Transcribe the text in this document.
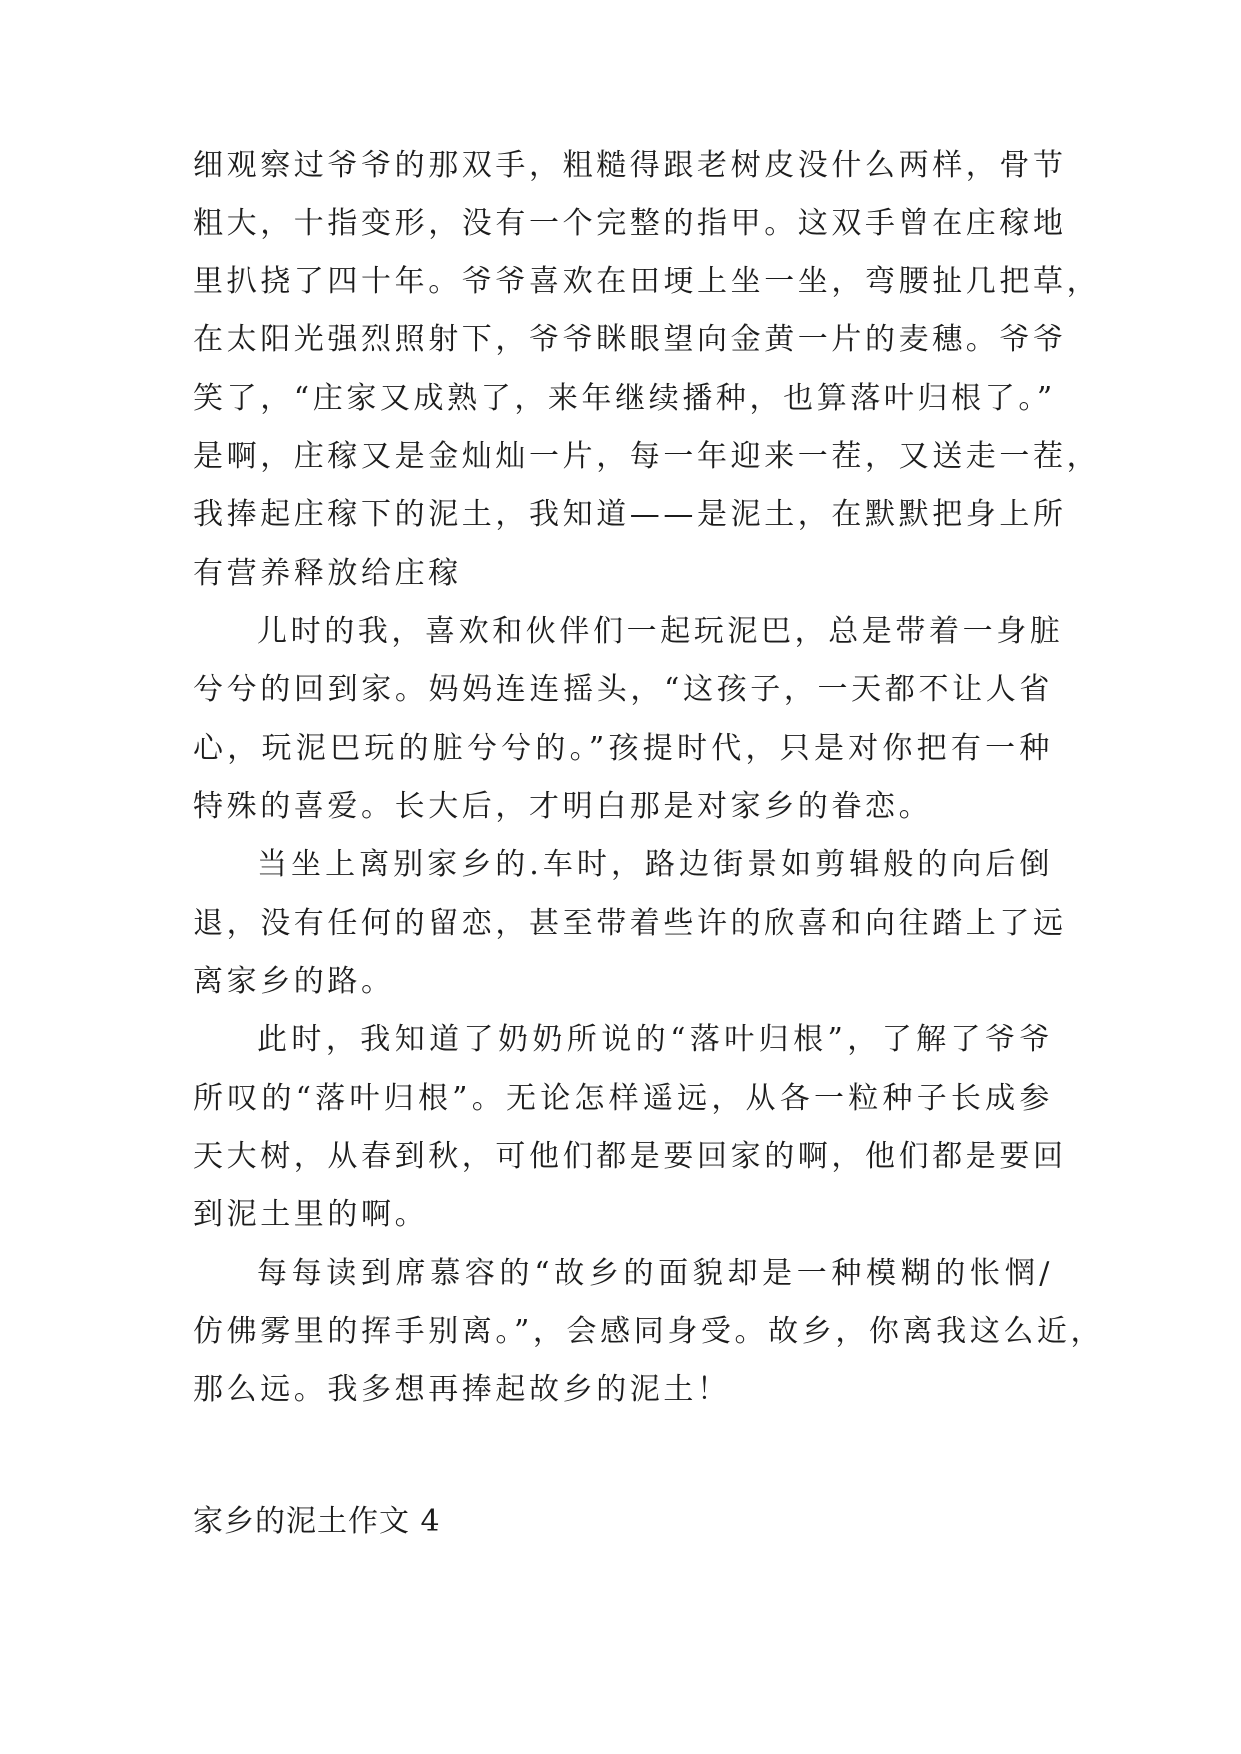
细观察过爷爷的那双手，粗糙得跟老树皮没什么两样，骨节

粗大，十指变形，没有一个完整的指甲。这双手曾在庄稼地

里扒挠了四十年。爷爷喜欢在田埂上坐一坐，弯腰扯几把草，

在太阳光强烈照射下，爷爷眯眼望向金黄一片的麦穗。爷爷

笑了，“庄家又成熟了，来年继续播种，也算落叶归根了。”

是啊，庄稼又是金灿灿一片，每一年迎来一茬，又送走一茬，

我捧起庄稼下的泥土，我知道——是泥土，在默默把身上所

有营养释放给庄稼

儿时的我，喜欢和伙伴们一起玩泥巴，总是带着一身脏

兮兮的回到家。妈妈连连摇头，“这孩子，一天都不让人省

心，玩泥巴玩的脏兮兮的。”孩提时代，只是对你把有一种

特殊的喜爱。长大后，才明白那是对家乡的眷恋。

当坐上离别家乡的.车时，路边街景如剪辑般的向后倒

退，没有任何的留恋，甚至带着些许的欣喜和向往踏上了远

离家乡的路。

此时，我知道了奶奶所说的“落叶归根”，了解了爷爷

所叹的“落叶归根”。无论怎样遥远，从各一粒种子长成参

天大树，从春到秋，可他们都是要回家的啊，他们都是要回

到泥土里的啊。

每每读到席慕容的“故乡的面貌却是一种模糊的怅惘/

仿佛雾里的挥手别离。”，会感同身受。故乡，你离我这么近，

那么远。我多想再捧起故乡的泥土！

家乡的泥土作文 4
